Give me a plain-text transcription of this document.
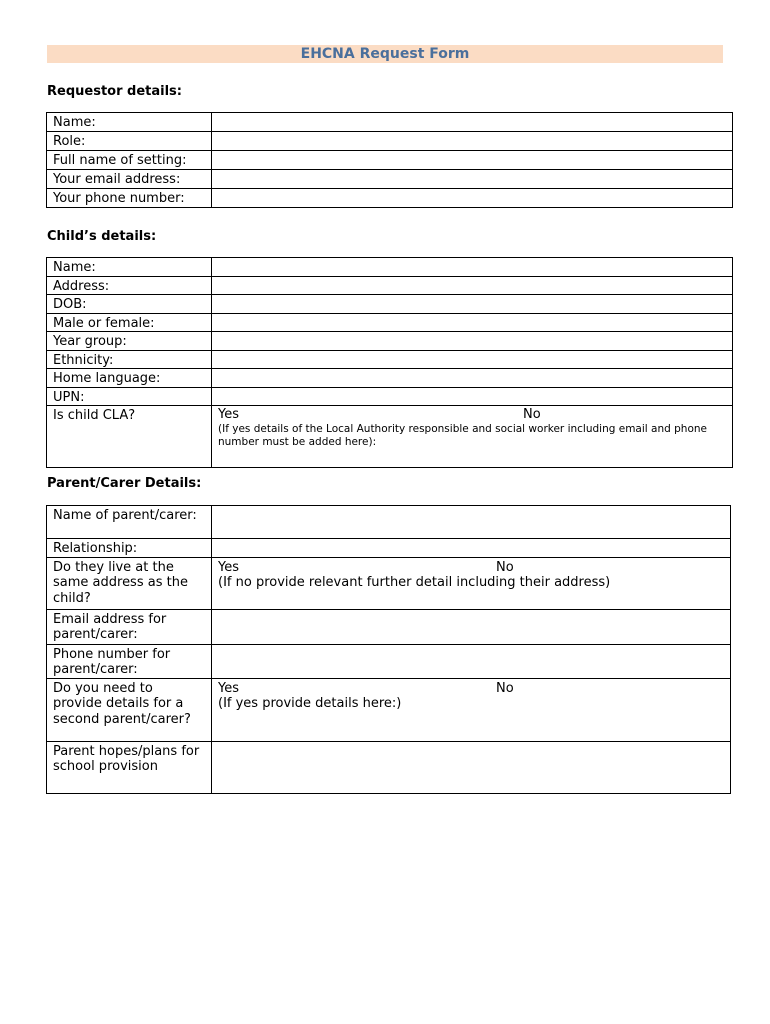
EHCNA Request Form
Requestor details:
Name:	
Role:	
Full name of setting:	
Your email address:	
Your phone number:	
Child’s details:
Name:	
Address:	
DOB:	
Male or female:	
Year group:	
Ethnicity:	
Home language:	
UPN:	
Is child CLA?	Yes No
(If yes details of the Local Authority responsible and social worker including email and phone number must be added here):
Parent/Carer Details:
Name of parent/carer:	
Relationship:	
Do they live at the same address as the child?	Yes No
(If no provide relevant further detail including their address)

Email address for parent/carer:	
Phone number for parent/carer:	
Do you need to provide details for a second parent/carer?	Yes No
(If yes provide details here:)

Parent hopes/plans for school provision	
